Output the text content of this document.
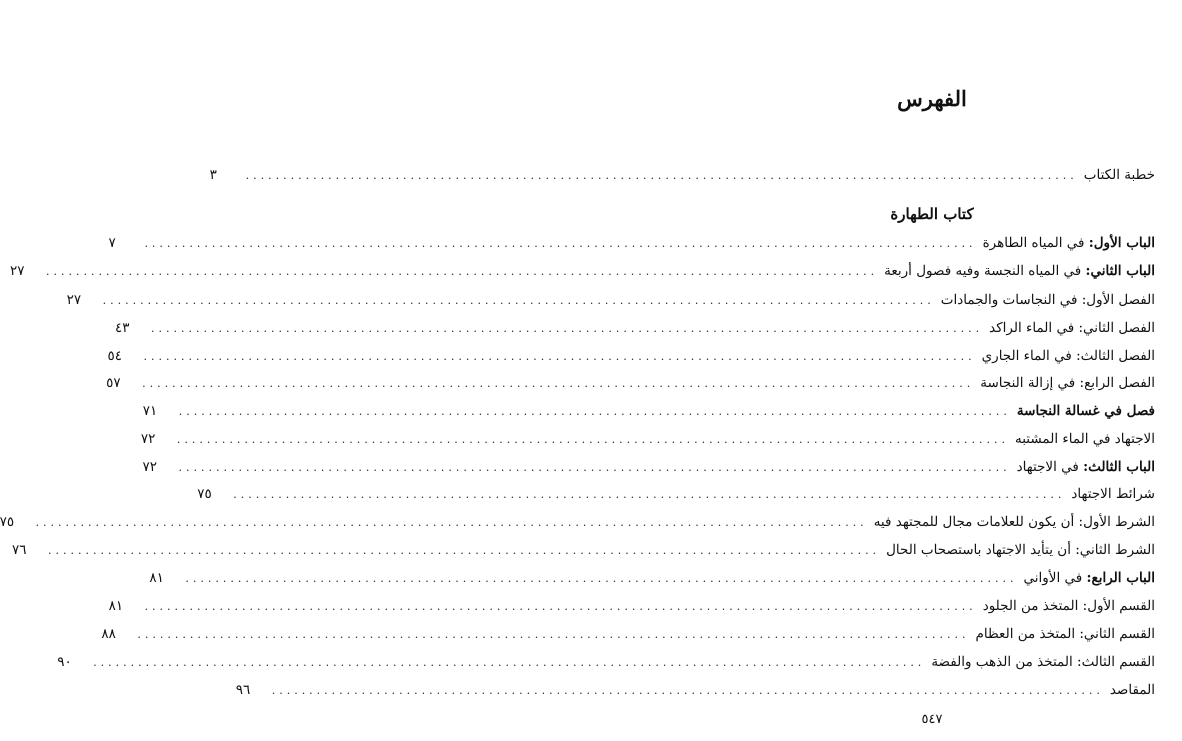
الفهرس
خطبة الكتاب
...............................................................................................................
٣
كتاب الطهارة
الباب الأول: في المياه الطاهرة
...............................................................................................................
٧
الباب الثاني: في المياه النجسة وفيه فصول أربعة
...............................................................................................................
٢٧
الفصل الأول: في النجاسات والجمادات
...............................................................................................................
٢٧
الفصل الثاني: في الماء الراكد
...............................................................................................................
٤٣
الفصل الثالث: في الماء الجاري
...............................................................................................................
٥٤
الفصل الرابع: في إزالة النجاسة
...............................................................................................................
٥٧
فصل في غسالة النجاسة
...............................................................................................................
٧١
الاجتهاد في الماء المشتبه
...............................................................................................................
٧٢
الباب الثالث: في الاجتهاد
...............................................................................................................
٧٢
شرائط الاجتهاد
...............................................................................................................
٧٥
الشرط الأول: أن يكون للعلامات مجال للمجتهد فيه
...............................................................................................................
٧٥
الشرط الثاني: أن يتأيد الاجتهاد باستصحاب الحال
...............................................................................................................
٧٦
الباب الرابع: في الأواني
...............................................................................................................
٨١
القسم الأول: المتخذ من الجلود
...............................................................................................................
٨١
القسم الثاني: المتخذ من العظام
...............................................................................................................
٨٨
القسم الثالث: المتخذ من الذهب والفضة
...............................................................................................................
٩٠
المقاصد
...............................................................................................................
٩٦
٥٤٧
